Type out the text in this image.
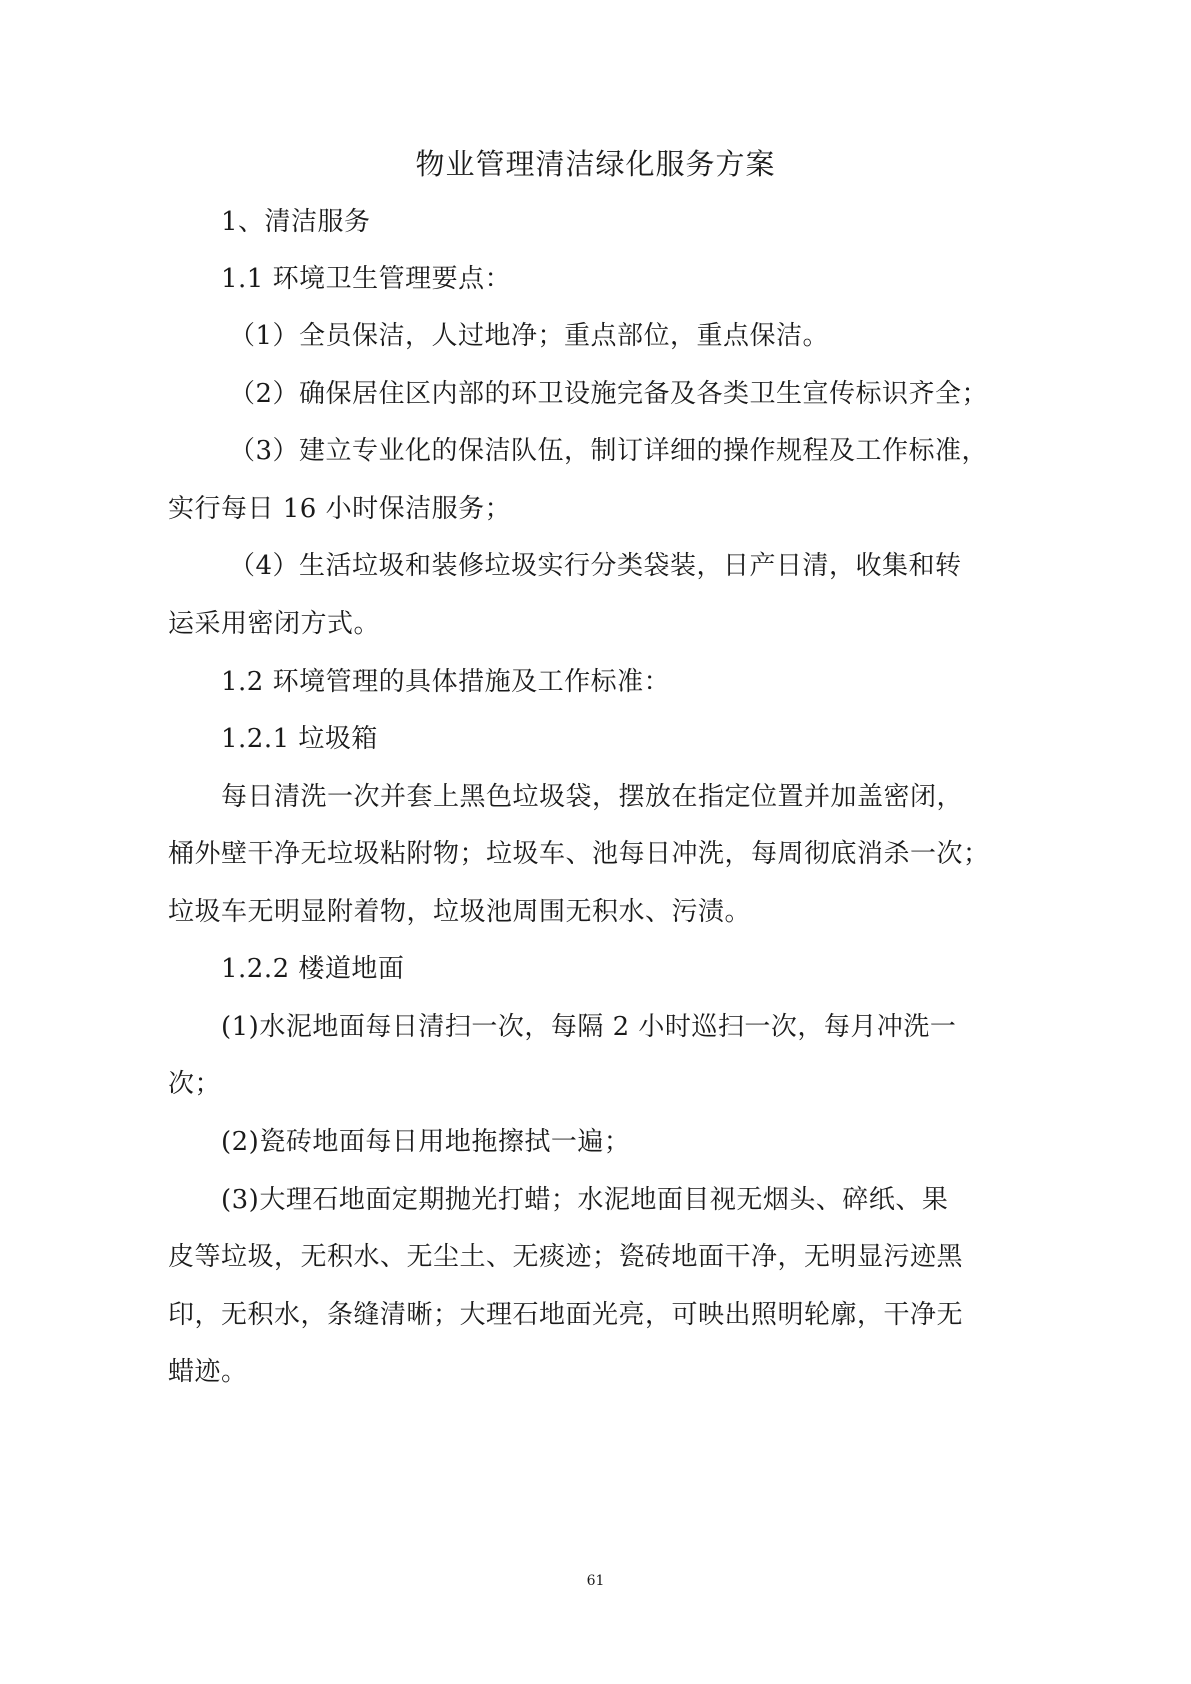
物业管理清洁绿化服务方案
1、清洁服务
1.1 环境卫生管理要点：
（1）全员保洁，人过地净；重点部位，重点保洁。
（2）确保居住区内部的环卫设施完备及各类卫生宣传标识齐全；
（3）建立专业化的保洁队伍，制订详细的操作规程及工作标准，
实行每日 16 小时保洁服务；
（4）生活垃圾和装修垃圾实行分类袋装，日产日清，收集和转
运采用密闭方式。
1.2 环境管理的具体措施及工作标准：
1.2.1 垃圾箱
每日清洗一次并套上黑色垃圾袋，摆放在指定位置并加盖密闭，
桶外壁干净无垃圾粘附物；垃圾车、池每日冲洗，每周彻底消杀一次；
垃圾车无明显附着物，垃圾池周围无积水、污渍。
1.2.2 楼道地面
(1)水泥地面每日清扫一次，每隔 2 小时巡扫一次，每月冲洗一
次；
(2)瓷砖地面每日用地拖擦拭一遍；
(3)大理石地面定期抛光打蜡；水泥地面目视无烟头、碎纸、果
皮等垃圾，无积水、无尘土、无痰迹；瓷砖地面干净，无明显污迹黑
印，无积水，条缝清晰；大理石地面光亮，可映出照明轮廓，干净无
蜡迹。
61
